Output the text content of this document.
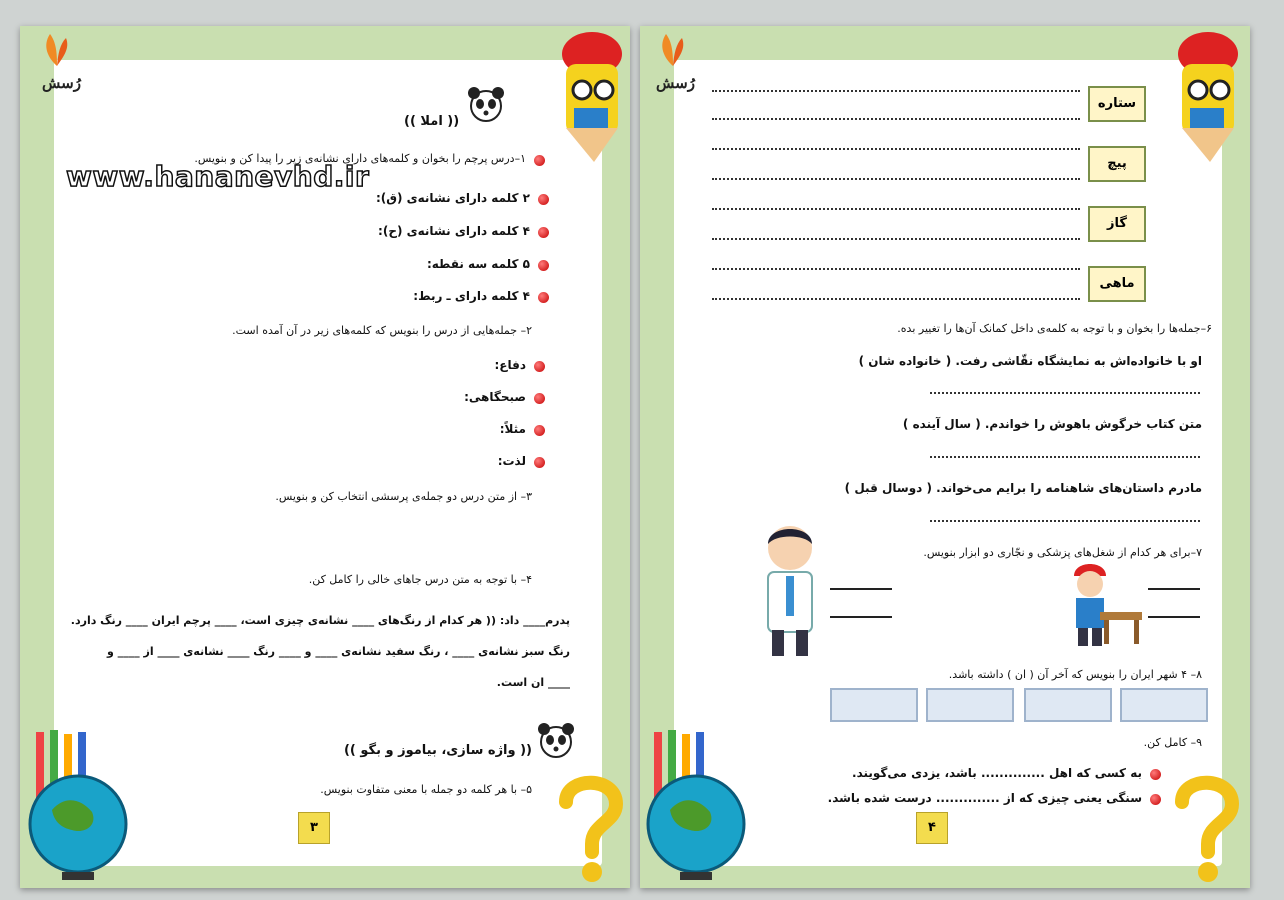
رُسش	رُسش
(( املا ))
۱–درس پرچم را بخوان و کلمه‌های دارای نشانه‌ی زیر را پیدا کن و بنویس.
۲ کلمه دارای نشانه‌ی (ق):
۴ کلمه دارای نشانه‌ی (ح):
۵ کلمه سه نقطه:
۴ کلمه دارای ـ ربط:
۲– جمله‌هایی از درس را بنویس که کلمه‌های زیر در آن آمده است.
دفاع:
صبحگاهی:
مثلاً:
لذت:
۳– از متن درس دو جمله‌ی پرسشی انتخاب کن و بنویس.
۴– با توجه به متن درس جاهای خالی را کامل کن.
پدرم____ داد: (( هر کدام از رنگ‌های ____ نشانه‌ی چیزی است، ____ پرچم ایران ____ رنگ دارد.
رنگ سبز نشانه‌ی ____ ، رنگ سفید نشانه‌ی ____ و ____ رنگ ____ نشانه‌ی ____ از ____ و
____ ان است.
(( واژه سازی، بیاموز و بگو ))
۵– با هر کلمه دو جمله با معنی متفاوت بنویس.
۳
www.hananevhd.ir
ستاره
پیچ
گاز
ماهی
۶–جمله‌ها را بخوان و با توجه به کلمه‌ی داخل کمانک آن‌ها را تغییر بده.
او با خانواده‌اش به نمایشگاه نقّاشی رفت. ( خانواده شان )
متن کتاب خرگوش باهوش را خواندم. ( سال آینده )
مادرم داستان‌های شاهنامه را برایم می‌خواند. ( دوسال قبل )
۷–برای هر کدام از شغل‌های پزشکی و نجّاری دو ابزار بنویس.
۸– ۴ شهر ایران را بنویس که آخر آن ( ان ) داشته باشد.
۹– کامل کن.
به کسی که اهل .............. باشد، یزدی می‌گویند.
سنگی یعنی چیزی که از .............. درست شده باشد.
۴
